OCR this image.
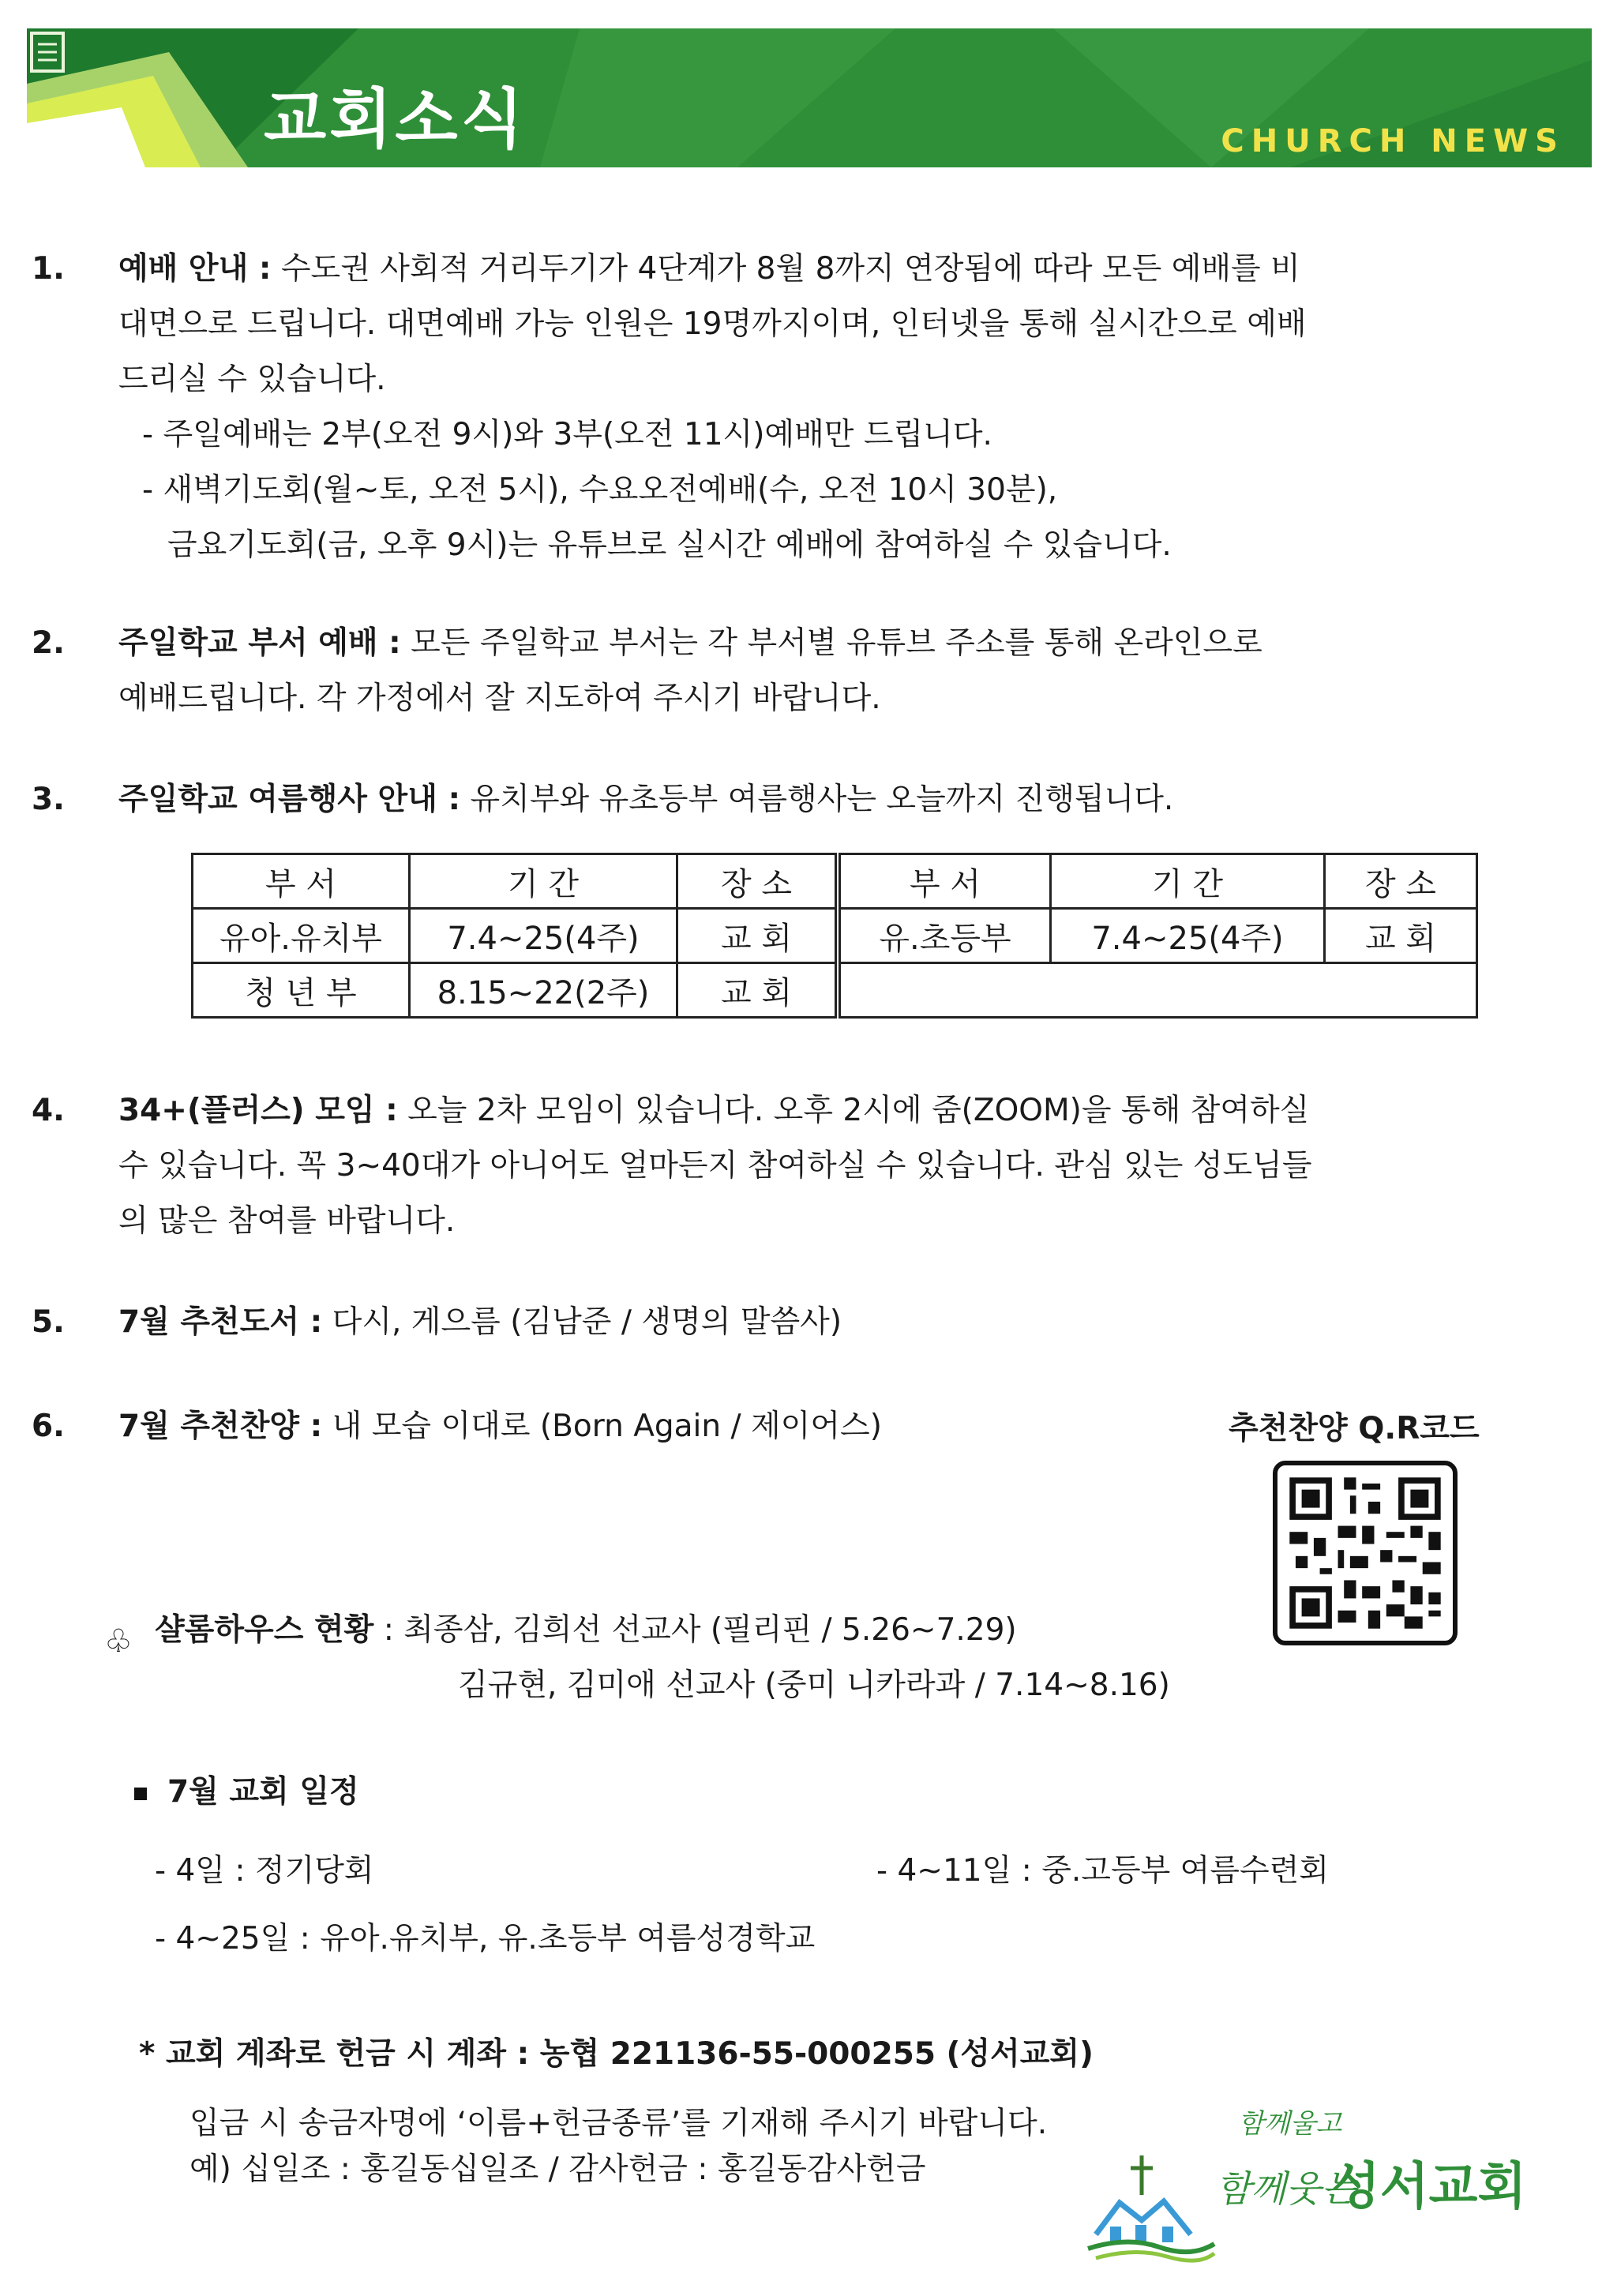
교회소식	CHURCH NEWS
1. 예배 안내 : 수도권 사회적 거리두기가 4단계가 8월 8까지 연장됨에 따라 모든 예배를 비
대면으로 드립니다. 대면예배 가능 인원은 19명까지이며, 인터넷을 통해 실시간으로 예배
드리실 수 있습니다.
- 주일예배는 2부(오전 9시)와 3부(오전 11시)예배만 드립니다.
- 새벽기도회(월~토, 오전 5시), 수요오전예배(수, 오전 10시 30분),
금요기도회(금, 오후 9시)는 유튜브로 실시간 예배에 참여하실 수 있습니다.
2. 주일학교 부서 예배 : 모든 주일학교 부서는 각 부서별 유튜브 주소를 통해 온라인으로
예배드립니다. 각 가정에서 잘 지도하여 주시기 바랍니다.
3. 주일학교 여름행사 안내 : 유치부와 유초등부 여름행사는 오늘까지 진행됩니다.
부 서	기 간	장 소	부 서	기 간	장 소
유아.유치부	7.4~25(4주)	교 회	유.초등부	7.4~25(4주)	교 회
청 년 부	8.15~22(2주)	교 회			
4. 34+(플러스) 모임 : 오늘 2차 모임이 있습니다. 오후 2시에 줌(ZOOM)을 통해 참여하실
수 있습니다. 꼭 3~40대가 아니어도 얼마든지 참여하실 수 있습니다. 관심 있는 성도님들
의 많은 참여를 바랍니다.
5. 7월 추천도서 : 다시, 게으름 (김남준 / 생명의 말씀사)
6. 7월 추천찬양 : 내 모습 이대로 (Born Again / 제이어스)	추천찬양 Q.R코드
♧ 샬롬하우스 현황 : 최종삼, 김희선 선교사 (필리핀 / 5.26~7.29)
김규현, 김미애 선교사 (중미 니카라과 / 7.14~8.16)
7월 교회 일정
- 4일 : 정기당회	- 4~11일 : 중.고등부 여름수련회
- 4~25일 : 유아.유치부, 유.초등부 여름성경학교
* 교회 계좌로 헌금 시 계좌 : 농협 221136-55-000255 (성서교회)
입금 시 송금자명에 ‘이름+헌금종류’를 기재해 주시기 바랍니다.
예) 십일조 : 홍길동십일조 / 감사헌금 : 홍길동감사헌금
함께울고
함께웃는
성서교회
